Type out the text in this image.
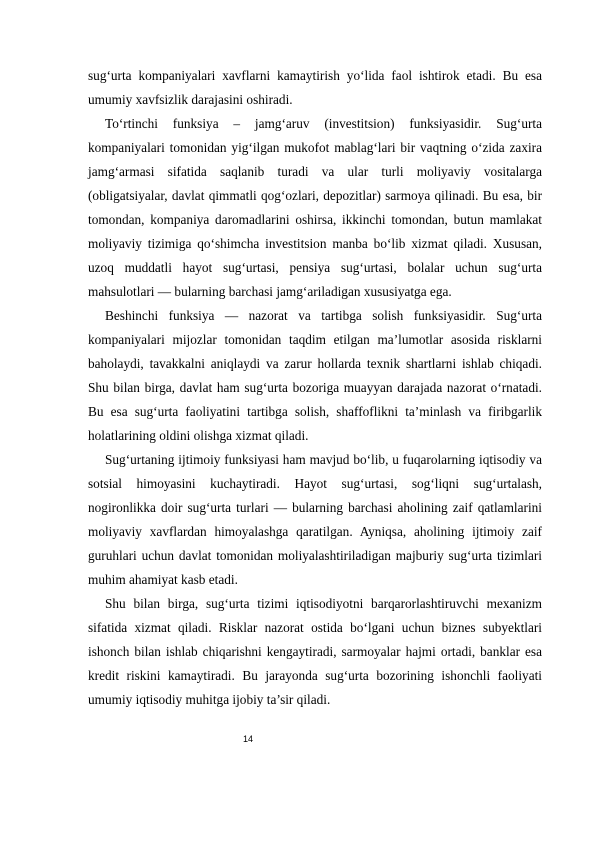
sug‘urta kompaniyalari xavflarni kamaytirish yo‘lida faol ishtirok etadi. Bu esa umumiy xavfsizlik darajasini oshiradi.

To‘rtinchi funksiya – jamg‘aruv (investitsion) funksiyasidir. Sug‘urta kompaniyalari tomonidan yig‘ilgan mukofot mablag‘lari bir vaqtning o‘zida zaxira jamg‘armasi sifatida saqlanib turadi va ular turli moliyaviy vositalarga (obligatsiyalar, davlat qimmatli qog‘ozlari, depozitlar) sarmoya qilinadi. Bu esa, bir tomondan, kompaniya daromadlarini oshirsa, ikkinchi tomondan, butun mamlakat moliyaviy tizimiga qo‘shimcha investitsion manba bo‘lib xizmat qiladi. Xususan, uzoq muddatli hayot sug‘urtasi, pensiya sug‘urtasi, bolalar uchun sug‘urta mahsulotlari — bularning barchasi jamg‘ariladigan xususiyatga ega.

Beshinchi funksiya — nazorat va tartibga solish funksiyasidir. Sug‘urta kompaniyalari mijozlar tomonidan taqdim etilgan ma’lumotlar asosida risklarni baholaydi, tavakkalni aniqlaydi va zarur hollarda texnik shartlarni ishlab chiqadi. Shu bilan birga, davlat ham sug‘urta bozoriga muayyan darajada nazorat o‘rnatadi. Bu esa sug‘urta faoliyatini tartibga solish, shaffoflikni ta’minlash va firibgarlik holatlarining oldini olishga xizmat qiladi.

Sug‘urtaning ijtimoiy funksiyasi ham mavjud bo‘lib, u fuqarolarning iqtisodiy va sotsial himoyasini kuchaytiradi. Hayot sug‘urtasi, sog‘liqni sug‘urtalash, nogironlikka doir sug‘urta turlari — bularning barchasi aholining zaif qatlamlarini moliyaviy xavflardan himoyalashga qaratilgan. Ayniqsa, aholining ijtimoiy zaif guruhlari uchun davlat tomonidan moliyalashtiriladigan majburiy sug‘urta tizimlari muhim ahamiyat kasb etadi.

Shu bilan birga, sug‘urta tizimi iqtisodiyotni barqarorlashtiruvchi mexanizm sifatida xizmat qiladi. Risklar nazorat ostida bo‘lgani uchun biznes subyektlari ishonch bilan ishlab chiqarishni kengaytiradi, sarmoyalar hajmi ortadi, banklar esa kredit riskini kamaytiradi. Bu jarayonda sug‘urta bozorining ishonchli faoliyati umumiy iqtisodiy muhitga ijobiy ta’sir qiladi.

14
